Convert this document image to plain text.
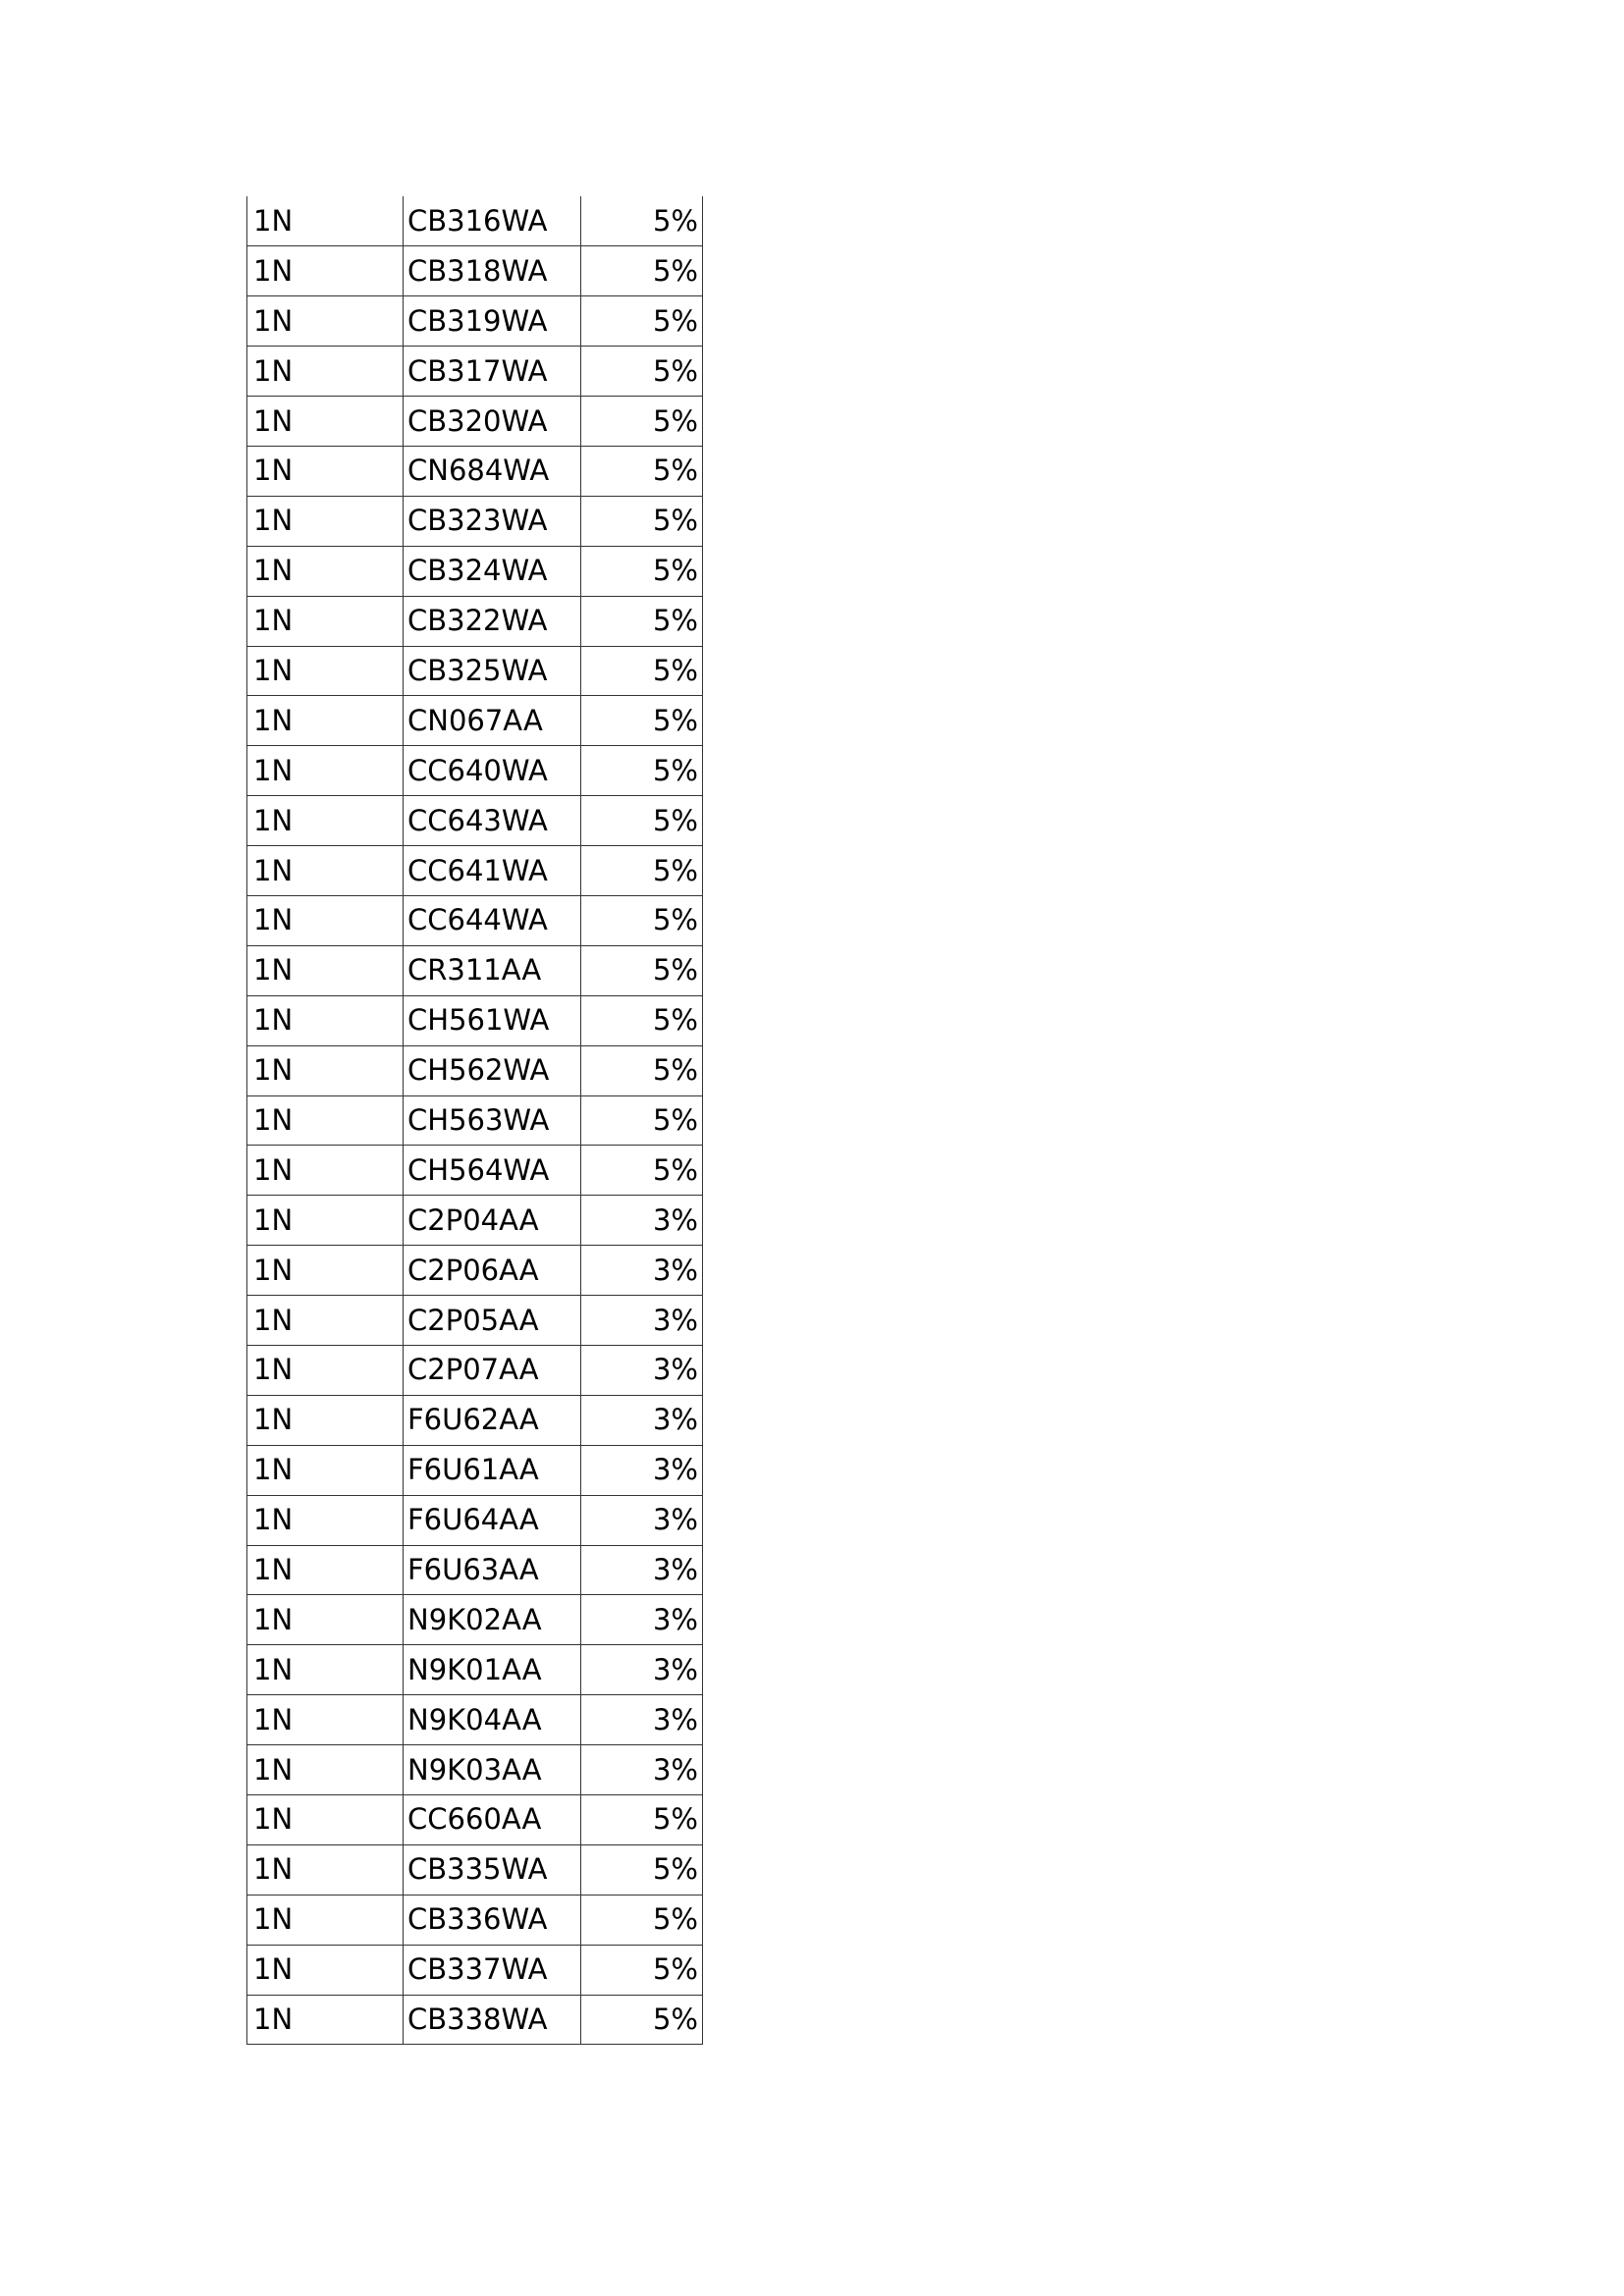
1N	CB316WA	5%
1N	CB318WA	5%
1N	CB319WA	5%
1N	CB317WA	5%
1N	CB320WA	5%
1N	CN684WA	5%
1N	CB323WA	5%
1N	CB324WA	5%
1N	CB322WA	5%
1N	CB325WA	5%
1N	CN067AA	5%
1N	CC640WA	5%
1N	CC643WA	5%
1N	CC641WA	5%
1N	CC644WA	5%
1N	CR311AA	5%
1N	CH561WA	5%
1N	CH562WA	5%
1N	CH563WA	5%
1N	CH564WA	5%
1N	C2P04AA	3%
1N	C2P06AA	3%
1N	C2P05AA	3%
1N	C2P07AA	3%
1N	F6U62AA	3%
1N	F6U61AA	3%
1N	F6U64AA	3%
1N	F6U63AA	3%
1N	N9K02AA	3%
1N	N9K01AA	3%
1N	N9K04AA	3%
1N	N9K03AA	3%
1N	CC660AA	5%
1N	CB335WA	5%
1N	CB336WA	5%
1N	CB337WA	5%
1N	CB338WA	5%
